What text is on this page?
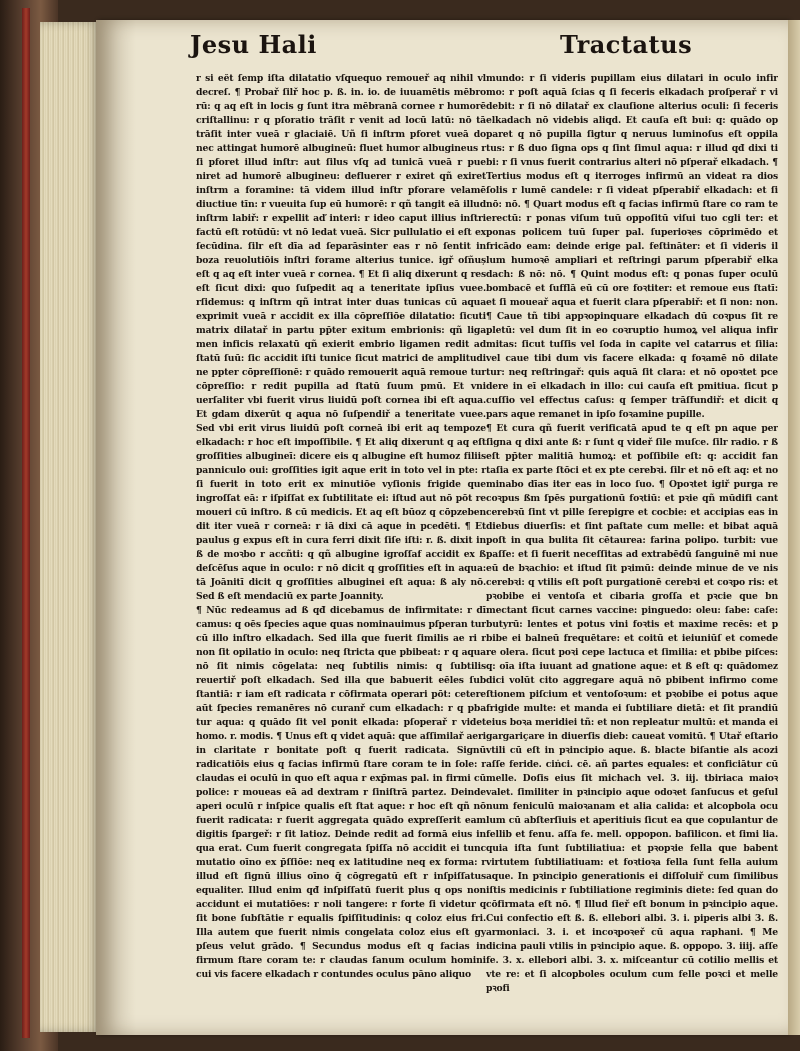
Jesu Hali	Tractatus

r si eĕt ſemp iſta dilatatio vſquequo remoueř aq nihil vl decreſ. ¶ Probař ſilř hoc p. ß. in. io. de iuuamētis mēbro rū: q aq eſt in locis g ſunt itra mēbranā cornee r humorē criſtallinu: r q pſoratio trāſit r venit ad locū latū: nō tā trāſit inter vueā r glaciaiē. Uñ ſi inſtrm pforet vueā do nec attingat humorē albugineū: fluet humor albugineus r ſi pforet illud inſtr: aut ſilus vſq ad tunicā vueā r pue niret ad humorē albugineu: defluerer r exiret qñ exiret inſtrm a foramine: tā videm illud inſtr pforare velamē diuctiue tīn: r vueuita ſup eū humorē: r qñ tangit eā illud inſtrm labiř: r expellit aď interi: r ideo caput illius inſtri factū eſt rotūdū: vt nō ledat vueā. Sicr pullulatio ei eſt ex ſecūdina. ſilr eſt dīa ad ſeparāsinter eas r nō ſentit in boza reuolutiōis inſtri forame alterius tunice. igř oſñuș eſt q aq eſt inter vueā r cornea. ¶ Et ſi aliq dixerunt q res eſt ſicut dixi: quo ſuſpedit aq a teneritate ipſius vuee. rſidemus: q inſtrm qñ intrat inter duas tunicas cū aqua exprimit vueā r accidit ex illa cōpreſſiōe dilatatio: ſicuti matrix dilatař in partu pp̄ter exitum embrionis: qñ liga men inficis relaxatū qñ exierit embrio ligamen redit ad ſtatū ſuū: ſic accidit iſti tunice ſicut matrici de amplitudi ne ppter cōpreſſionē: r quādo remouerit aquā remoue tur cōpreſſio: r redit pupilla ad ſtatū ſuum pmū. Et vni uerſaliter vbi fuerit virus liuidū poſt cornea ibi eſt aqua. Et gdam dixerūt q aqua nō ſuſpendiř a teneritate vuee. Sed vbi erit virus liuidū poſt corneā ibi erit aq tempoze elkadach: r hoc eſt impoſſibile. ¶ Et aliq dixerunt q aq eſt groſſities albugineī: dicere eis q albugine eſt humoz filiis panniculo oui: groſſities igit aque erit in toto vel in pte: r ſi fuerit in toto erit ex minutiōe vyſionis frigide que ingroſſat eā: r iſpiſſat ex ſubtilitate ei: iſtud aut nō pōt re moueri cū inſtro. ß cū medicis. Et aq eſt būoz q cōpzeben dit iter vueā r corneā: r iā dixi cā aque in pcedēti. ¶ Et paulus g expus eſt in cura ferri dixit ſiſe iſti: r. ß. dixit in ß de moꝛbo r accñti: q qñ albugine igroſſaf accidit ex ß deſcēſus aque in oculo: r nō dicit q groſſities eſt in aqua: tā Joānitī dicit q groſſities albuginei eſt aqua: ß aly nō. Sed ß eſt mendaciū ex parte Joannity.

¶ Nūc redeamus ad ß qđ dicebamus de infirmitate: r dī camus: q oēs ſpecies aque quas nominauimus pſperan tur cū illo inſtro elkadach. Sed illa que fuerit ſimilis ae ri r non ſit opilatio in oculo: neq ſtricta que pbibeat: r q aqua nō ſit nimis cōgelata: neq ſubtilis nimis: q ſubtilis reuertiř poſt elkadach. Sed illa que babuerit eēles ſub ſtantiā: r iam eſt radicata r cōfirmata operari pōt: cetere aūt ſpecies remanēres nō curanř cum elkadach: r q pba tur aqua: q quādo ſit vel ponit elkada: pſoperař r videt homo. r. modis. ¶ Unus eſt q videt aquā: que aſſimilař aeri in claritate r bonitate poſt q fuerit radicata. Signū radicatiōis eius q facias infirmū ſtare coram te in ſole: r claudas ei oculū in quo eſt aqua r exp̄mas pal. in firmi cū police: r moueas eā ad dextram r ſiniſtrā partez. Deinde aperi oculū r inſpice qualis eſt ſtat aque: r hoc eſt qñ nō fuerit radicata: r fuerit aggregata quādo expreſſerit eam digitis ſpargeř: r ſit latioz. Deinde redit ad formā eius in qua erat. Cum fuerit congregata ſpiſſa nō accidit ei tunc mutatio oīno ex p̄ſſiōe: neq ex latitudine neq ex forma: r illud eſt ſignū illius oīno q̄ cōgregatū eſt r inſpiſſatus equaliter. Illud enim qđ inſpiſſatū fuerit plus q ops non accidunt ei mutatiōes: r noli tangere: r forte ſi videtur q ſit bone ſubſtātie r equalis ſpiſſitudinis: q coloz eius fri. Illa autem que fuerit nimis congelata coloz eius eſt gy pſeus velut grādo. ¶ Secundus modus eſt q facias in firmum ſtare coram te: r claudas ſanum oculum homini cui vis facere elkadach r contundes oculus pāno aliquo

mundo: r ſi videris pupillam eius dilatari in oculo infir mo: r poſt aquā ſcias q ſi feceris elkadach proſperař r vi debit: r ſi nō dilatař ex clauſione alterius oculi: ſi feceris elkadach nō videbis aliqd. Et cauſa eſt bui: q: quādo op paret q nō pupilla ſigtur q neruus luminoſus eſt oppila tus: r ß duo ſigna ops q ſint ſimul aqua: r illud qđ dixi ti bi: r ſi vnus fuerit contrarius alteri nō pſperař elkadach. ¶ Tertius modus eſt q iterroges infirmū an videat ra dios ſolis r lumē candele: r ſi videat pſperabiř elkadach: et ſi nō: nō. ¶ Quart modus eſt q facias infirmū ſtare co ram te erectū: r ponas viſum tuū oppoſitū viſui tuo cgli ter: et ponas policem tuū ſuper pal. ſuperioꝛes cōprimēdo et fricādo eam: deinde erige pal. feſtināter: et ſi videris il lum humoꝛē ampliari et reſtringi parum pſperabiř elka dach: ß nō: nō. ¶ Quint modus eſt: q ponas ſuper oculū bombacē et ſufflā eū cū ore foꝛtiter: et remoue eus ſtatī: et ſi moueař aqua et fuerit clara pſperabiř: et ſi non: non. ¶ Caue tñ tibi appꝛopinquare elkadach dū coꝛpus ſit re pletū: vel dum ſit in eo coꝛruptio humoꝝ vel aliqua infir mitas: ſicut tuſſis vel ſoda in capite vel catarrus et ſilia: vel caue tibi dum vis facere elkada: q foꝛamē nō dilate tur: neq reſtringař: quis aquā ſit clara: et nō opoꝛtet pce dere in eī elkadach in illo: cui cauſa eſt pmitiua. ſicut p cuſſio vel effectus caſus: q ſemper trāſfundiř: et dicit q pars aque remanet in ipſo foꝛamine pupille.

¶ Et cura qñ fuerit verificatā apud te q eſt pn aque per ſigna q dixi ante ß: r ſunt q videř ſile muſce. ſilr radio. r ß eſt pp̄ter malitiā humoꝝ: et poſſibile eſt: q: accidit fan taſia ex parte ſtōci et ex pte cerebꝛi. ſilr et nō eſt aq: et no minabo dīas iter eas in loco ſuo. ¶ Opoꝛtet igiř purga re coꝛpus ßm ſpēs purgationū foꝛtiū: et pꝛie qñ mūdifi cant cerebꝛū ſint vt pille ſerepigre et cocbie: et accipias eas in diebus diuerſis: et ſint paſtate cum melle: et bibat aquā poſt in qua bulita ſit cētaurea: farina polipo. turbit: vue paſſe: et ſi fuerit neceſſitas ad extrabēdū ſanguinē mi nue eū de bꝛachio: et iſtud ſit pꝛimū: deinde minue de ve nis cerebꝛi: q vtilis eſt poſt purgationē cerebꝛi et coꝛpo ris: et pꝛobibe ei ventoſa et cibaria groſſa et pꝛcie que bn mectant ſicut carnes vaccine: pinguedo: oleu: ſabe: caſe: butyrū: lentes et potus vini foꝛtis et maxime recēs: et p bibe ei balneū frequētare: et coitū et ieiuniūſ et comede re olera. ſicut poꝛi cepe lactuca et ſimilia: et pbibe piſces: q: oīa iſta iuuant ad gnatione aque: et ß eſt q: quādomez dici volūt cito aggregare aquā nō pbibent infirmo come ſtionem piſcium et ventoſoꝛum: et pꝛobibe ei potus aque frigide multe: et manda ei ſubtiliare dietā: et ſit prandiū eius boꝛa meridiei tñ: et non repleatur multū: et manda ei gargariçare in diuerſis dieb: caueat vomitū. ¶ Utař eſtario vtili cū eſt in pꝛincipio aque. ß. blacte biſantie als acozi aſſe feride. ciṅci. cē. añ partes equales: et conficiātur cū melle. Doſis eius ſit michach vel. 3. iij. tbiriaca maioꝛ valet. ſimiliter in pꝛincipio aque odoꝛet ſanſucus et geſul num feniculū maioꝛanam et alia calida: et alcopbola ocu lum cū abſterſiuis et aperitiuis ſicut ea que copulantur de fellib et fenu. aſſa fe. mell. oppopon. baſilicon. et ſimi lia. quia iſta ſunt ſubtiliatiua: et pꝛopꝛie fella que babent virtutem ſubtiliatiuam: et foꝛtioꝛa fella ſunt fella auium aque. In pꝛincipio generationis ei diſſoluiř cum ſimilibus iſtis medicinis r ſubtiliatione regiminis diete: ſed quan do cōfirmata eſt nō. ¶ Illud ſieř eſt bonum in pꝛincipio aque. Cui confectio eſt ß. ß. ellebori albi. 3. i. piperis albi 3. ß. armoniaci. 3. i. et incoꝛpoꝛeř cū aqua raphani. ¶ Me dicina pauli vtilis in pꝛincipio aque. ß. oppopo. 3. iiij. aſſe fe. 3. x. ellebori albi. 3. x. miſceantur cū cotilio mellis et vte re: et ſi alcopboles oculum cum felle poꝛci et melle pꝛofi
